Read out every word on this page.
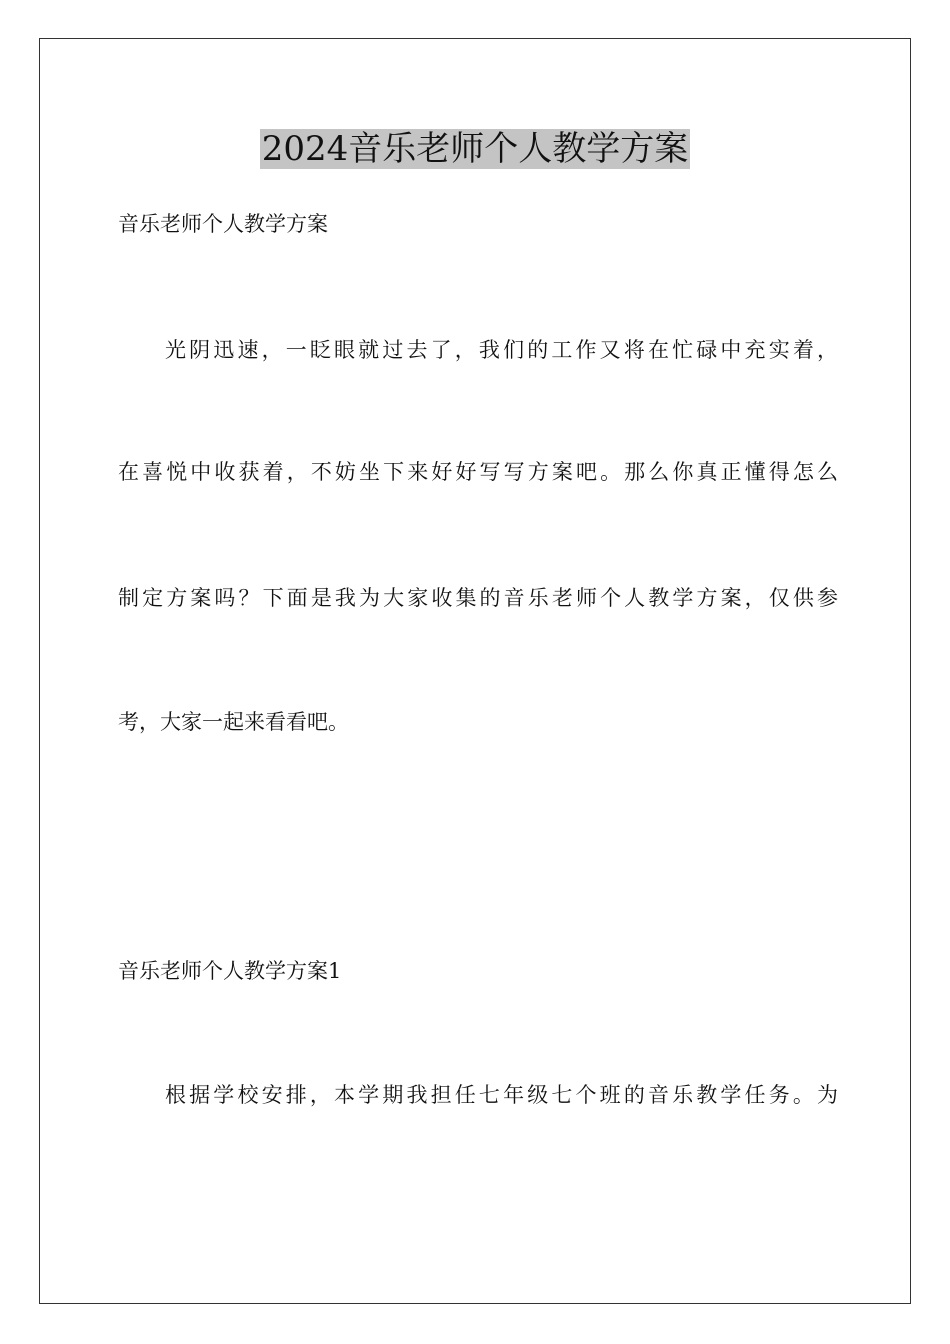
2024音乐老师个人教学方案

音乐老师个人教学方案

光阴迅速，一眨眼就过去了，我们的工作又将在忙碌中充实着，

在喜悦中收获着，不妨坐下来好好写写方案吧。那么你真正懂得怎么

制定方案吗？下面是我为大家收集的音乐老师个人教学方案，仅供参

考，大家一起来看看吧。

音乐老师个人教学方案1

根据学校安排，本学期我担任七年级七个班的音乐教学任务。为
